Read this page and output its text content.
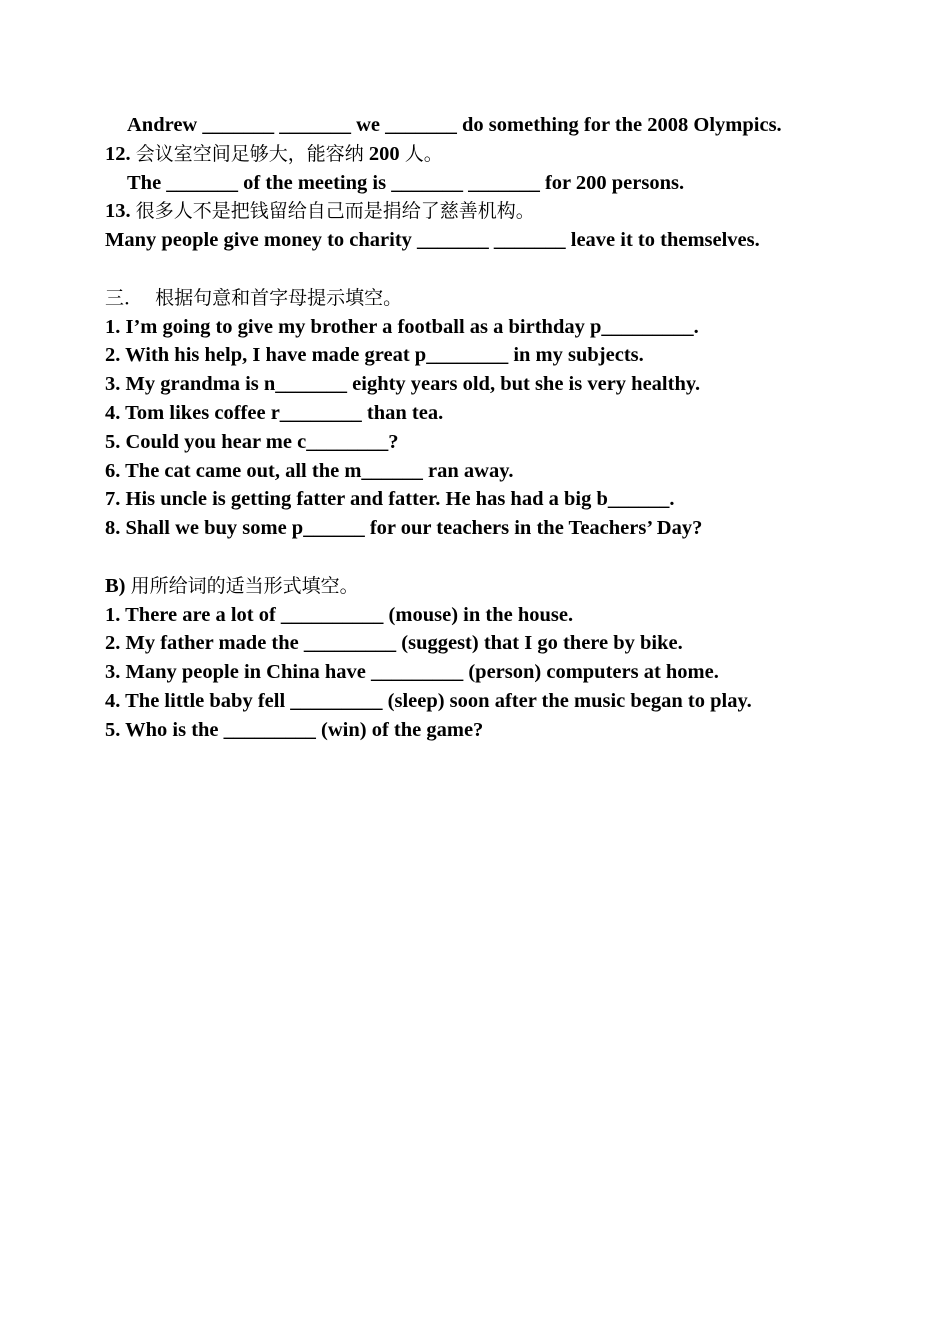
Andrew _______ _______ we _______ do something for the 2008 Olympics.
12. 会议室空间足够大，能容纳 200 人。
The _______ of the meeting is _______ _______ for 200 persons.
13. 很多人不是把钱留给自己而是捐给了慈善机构。
Many people give money to charity _______ _______ leave it to themselves.
三．  根据句意和首字母提示填空。
1. I’m going to give my brother a football as a birthday p_________.
2. With his help, I have made great p________ in my subjects.
3. My grandma is n_______ eighty years old, but she is very healthy.
4. Tom likes coffee r________ than tea.
5. Could you hear me c________?
6. The cat came out, all the m______ ran away.
7. His uncle is getting fatter and fatter. He has had a big b______.
8. Shall we buy some p______ for our teachers in the Teachers’ Day?
B) 用所给词的适当形式填空。
1. There are a lot of __________ (mouse) in the house.
2. My father made the _________ (suggest) that I go there by bike.
3. Many people in China have _________ (person) computers at home.
4. The little baby fell _________ (sleep) soon after the music began to play.
5. Who is the _________ (win) of the game?
